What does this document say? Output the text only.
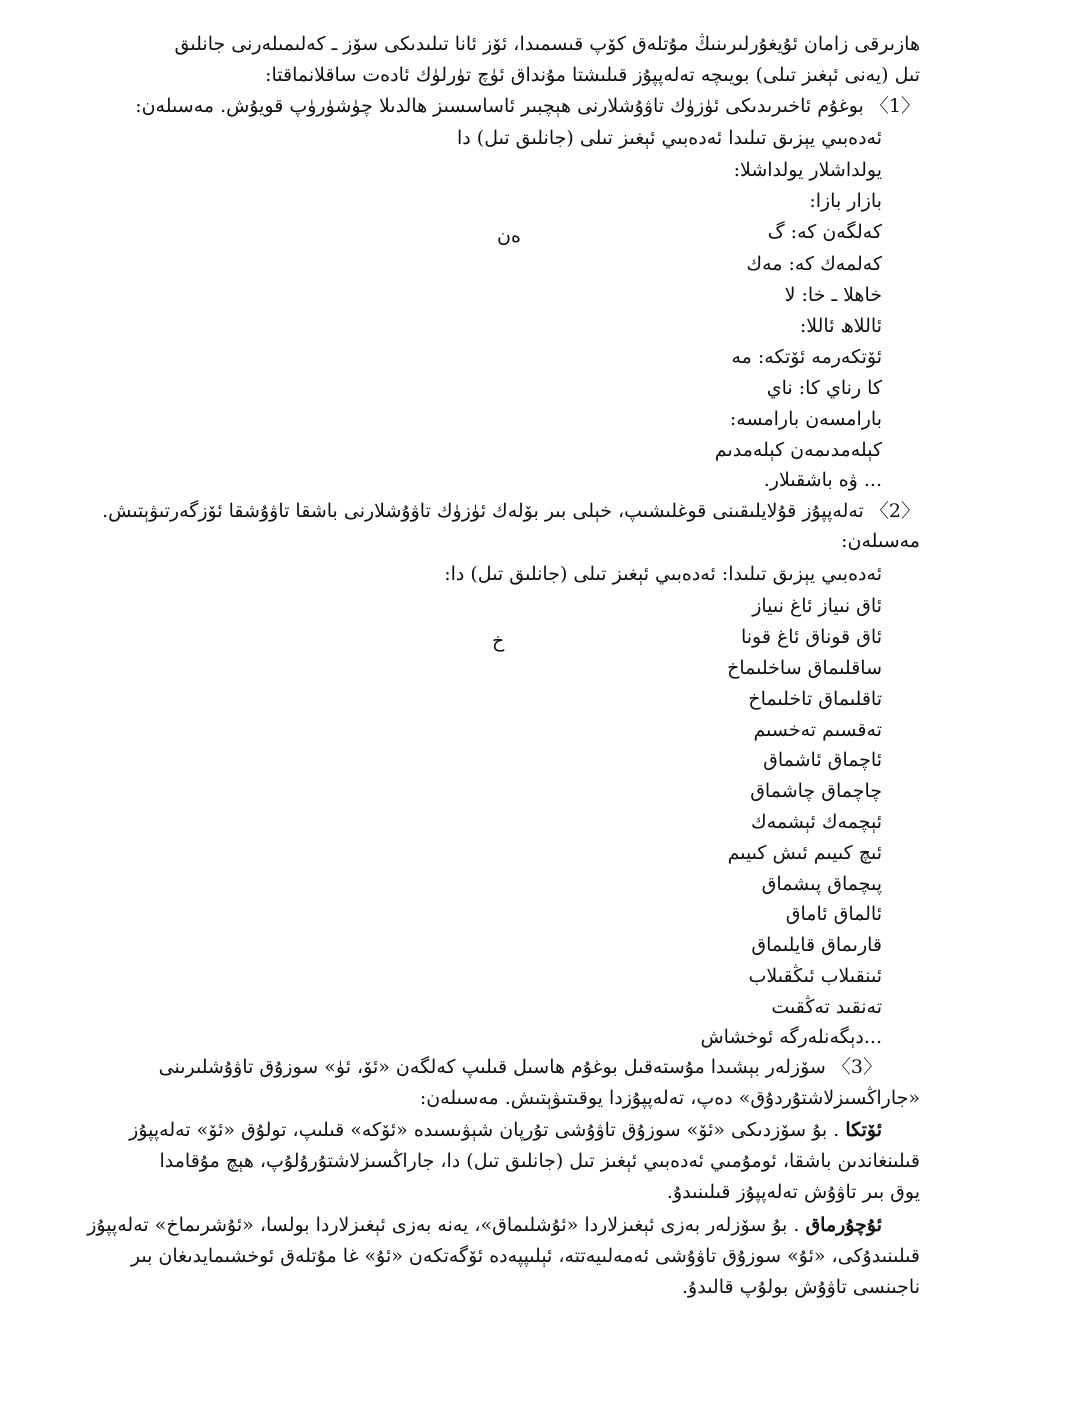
هازىرقى زامان ئۇيغۇرلىرىنىڭ مۇتلەق كۆپ قىسمىدا، ئۆز ئانا تىلىدىكى سۆز ـ كەلىمىلەرنى جانلىق
تىل (يەنى ئېغىز تىلى) بويىچە تەلەپپۇز قىلىشتا مۇنداق ئۈچ تۈرلۈك ئادەت ساقلانماقتا:
〈1〉 بوغۇم ئاخىرىدىكى ئۈزۈك تاۋۇشلارنى ھېچبىر ئاساسسىز ھالدىلا چۈشۈرۈپ قويۇش. مەسىلەن:
ئەدەبىي يېزىق تىلىدا ئەدەبىي ئېغىز تىلى (جانلىق تىل) دا
يولداشلار يولداشلا:
بازار بازا:
كەلگەن كە: گ
ەن
كەلمەك كە: مەك
خاھلا ـ خا: لا
ئاللاھ ئاللا:
ئۆتكەرمە ئۆتكە: مە
كا رناي كا: ناي
بارامسەن بارامسە:
كېلەمدىمەن كېلەمدىم
... ۋە باشقىلار.
〈2〉 تەلەپپۇز قۇلايلىقىنى قوغلىشىپ، خېلى بىر بۆلەك ئۈزۈك تاۋۇشلارنى باشقا تاۋۇشقا ئۆزگەرتىۋېتىش.
مەسىلەن:
ئەدەبىي يېزىق تىلىدا: ئەدەبىي ئېغىز تىلى (جانلىق تىل) دا:
ئاق نىياز ئاغ نىياز
ئاق قوناق ئاغ قونا
خ
ساقلىماق ساخلىماخ
تاقلىماق تاخلىماخ
تەقسىم تەخسىم
ئاچماق ئاشماق
چاچماق چاشماق
ئېچمەك ئېشمەك
ئىچ كىيىم ئىش كىيىم
پىچماق پىشماق
ئالماق ئاماق
قارىماق قايلىماق
ئىنقىلاب ئىڭقىلاب
تەنقىد تەڭقىت
...دېگەنلەرگە ئوخشاش
〈3〉 سۆزلەر بېشىدا مۇستەقىل بوغۇم ھاسىل قىلىپ كەلگەن «ئۆ، ئۈ» سوزۇق تاۋۇشلىرىنى
«جاراڭسىزلاشتۇردۇق» دەپ، تەلەپپۇزدا يوقىتىۋېتىش. مەسىلەن:
ئۆتكا . بۇ سۆزدىكى «ئۆ» سوزۇق تاۋۇشى تۇرپان شېۋىسىدە «ئۆكە» قىلىپ، تولۇق «ئۆ» تەلەپپۇز
قىلىنغاندىن باشقا، ئومۇمىي ئەدەبىي ئېغىز تىل (جانلىق تىل) دا، جاراڭسىزلاشتۇرۇلۇپ، ھېچ مۇقامدا
يوق بىر تاۋۇش تەلەپپۇز قىلىنىدۇ.
ئۇچۇرماق . بۇ سۆزلەر بەزى ئېغىزلاردا «ئۇشلىماق»، يەنە بەزى ئېغىزلاردا بولسا، «ئۇشرىماخ» تەلەپپۇز
قىلىنىدۇكى، «ئۇ» سوزۇق تاۋۇشى ئەمەلىيەتتە، ئېلىپپەدە ئۆگەتكەن «ئۇ» غا مۇتلەق ئوخشىمايدىغان بىر
ناجىنسى تاۋۇش بولۇپ قالىدۇ.
